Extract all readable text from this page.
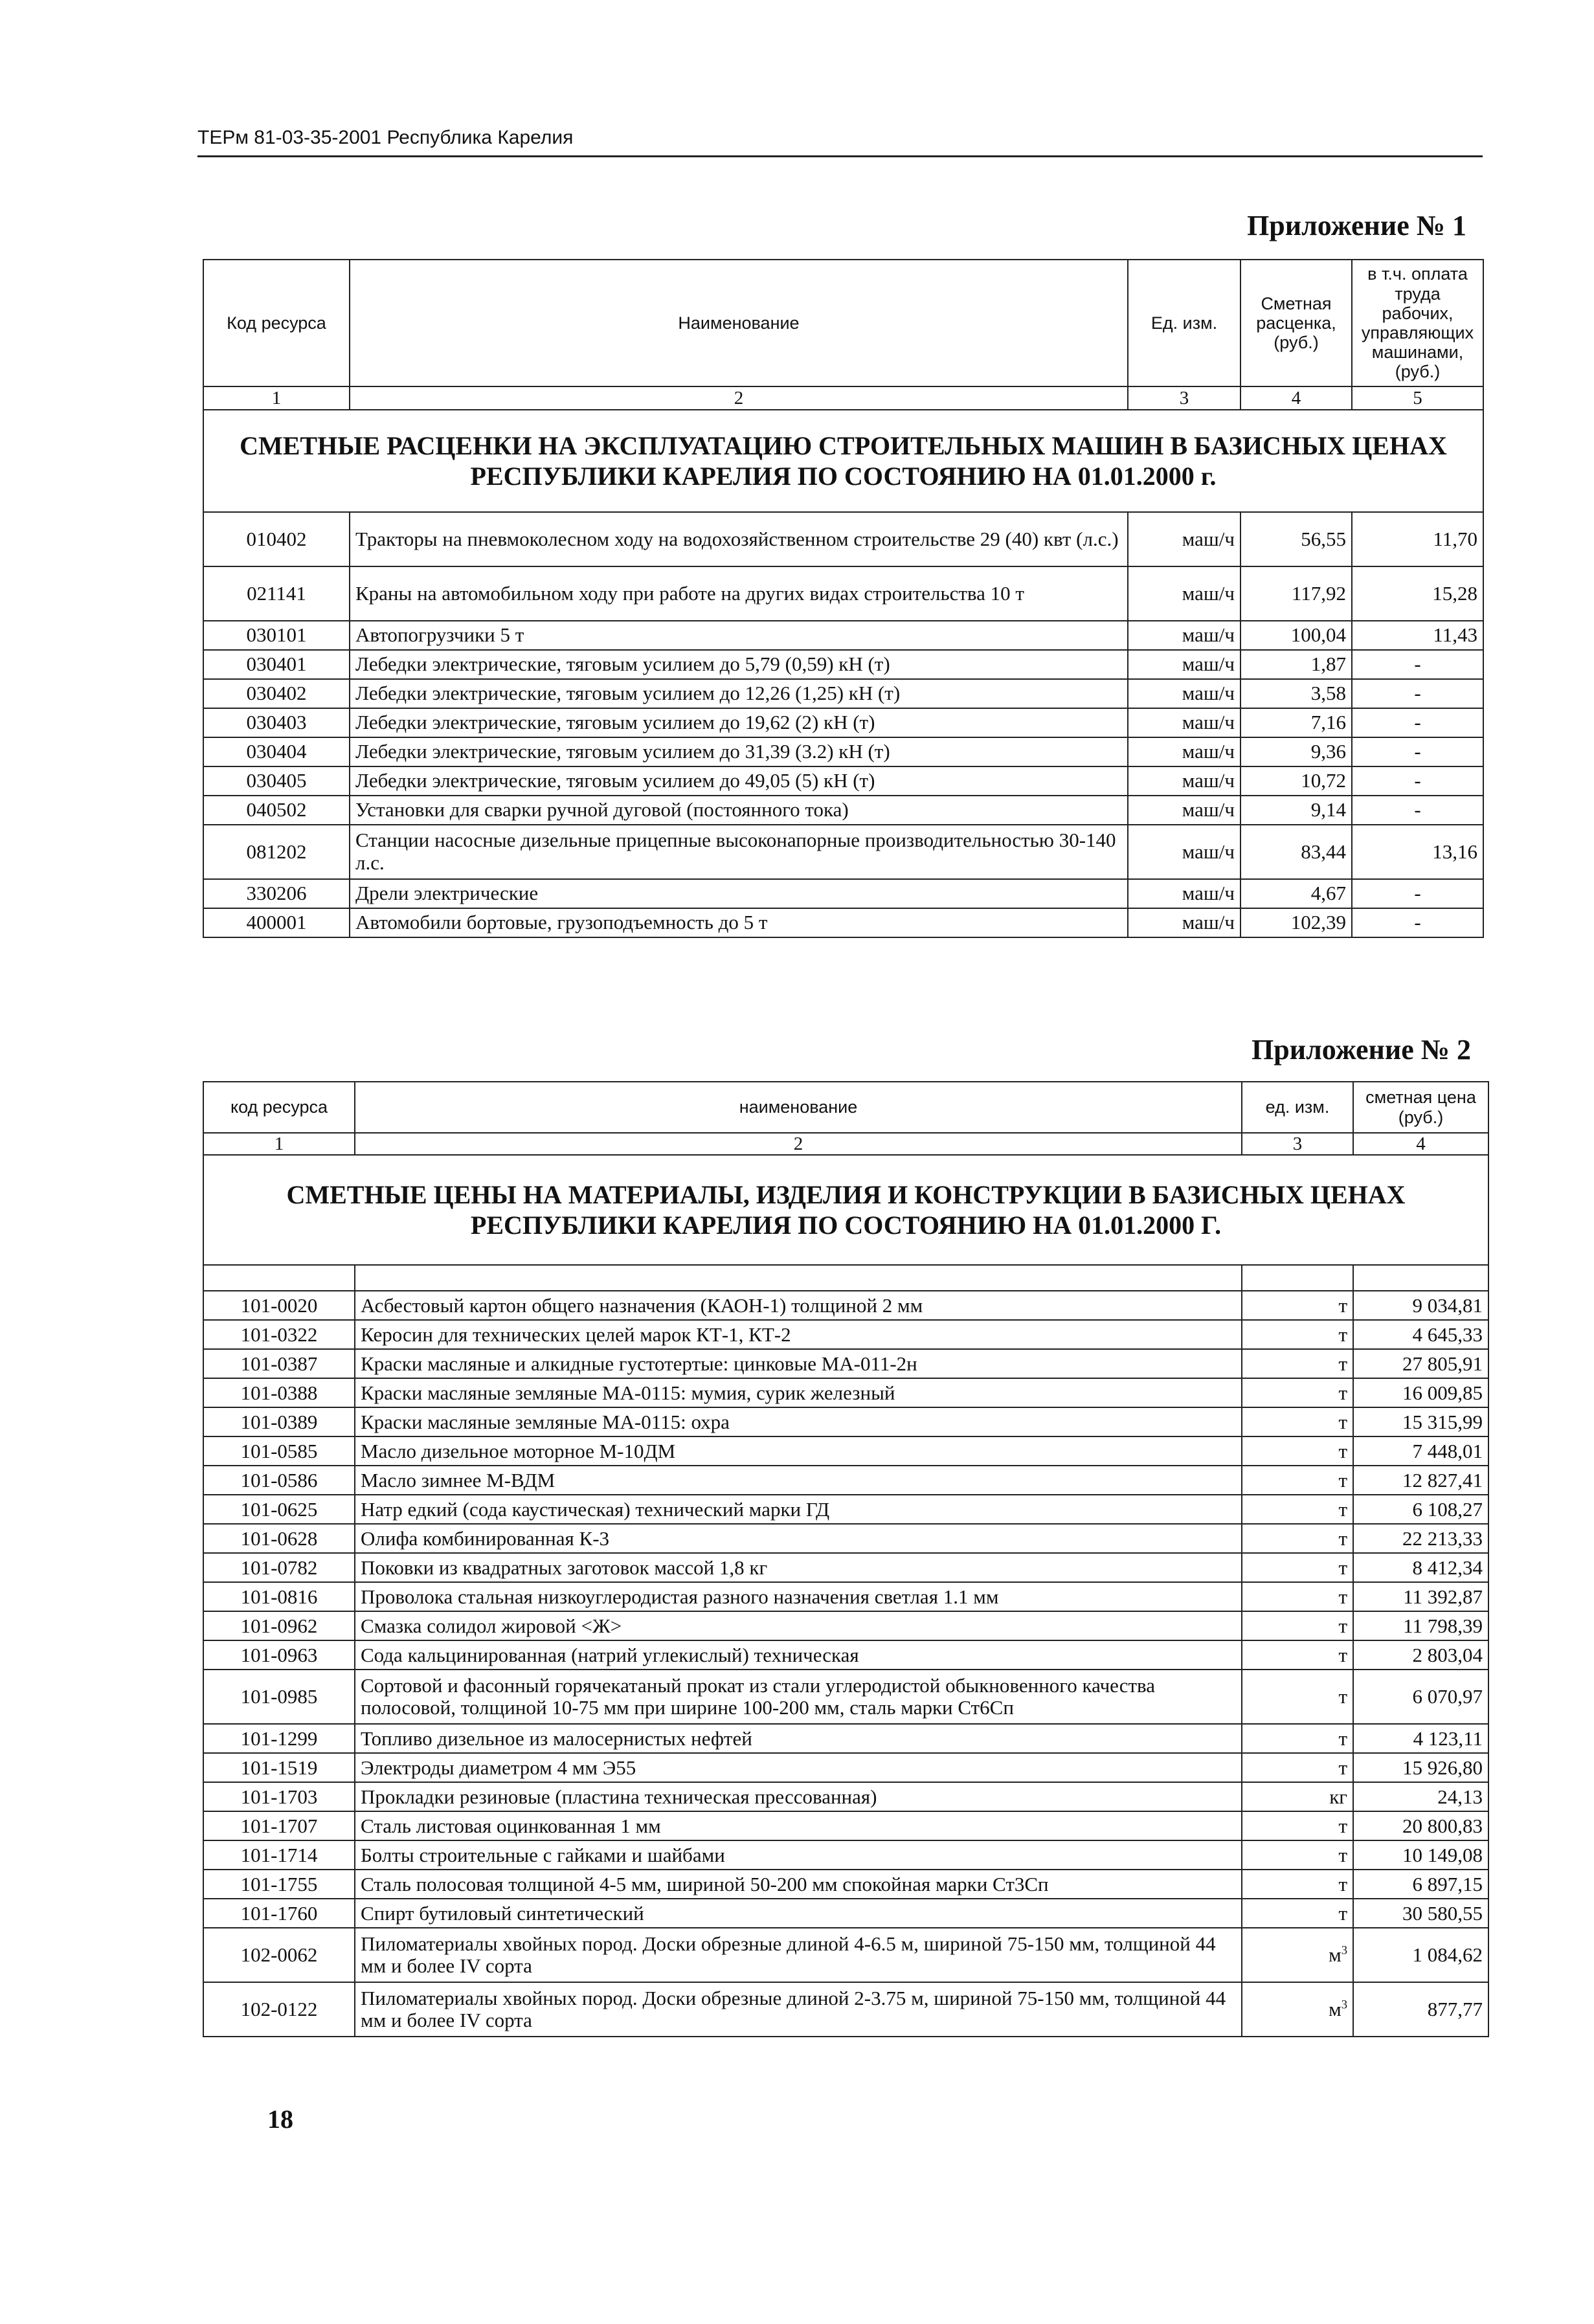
ТЕРм 81-03-35-2001 Республика Карелия
Приложение № 1
Код ресурса	Наименование	Ед. изм.	Сметная расценка, (руб.)	в т.ч. оплата труда рабочих, управляющих машинами, (руб.)
1	2	3	4	5
СМЕТНЫЕ РАСЦЕНКИ НА ЭКСПЛУАТАЦИЮ СТРОИТЕЛЬНЫХ МАШИН В БАЗИСНЫХ ЦЕНАХ РЕСПУБЛИКИ КАРЕЛИЯ ПО СОСТОЯНИЮ НА 01.01.2000 г.				
010402	Тракторы на пневмоколесном ходу на водохозяйственном строительстве 29 (40) квт (л.с.)	маш/ч	56,55	11,70
021141	Краны на автомобильном ходу при работе на других видах строительства 10 т	маш/ч	117,92	15,28
030101	Автопогрузчики 5 т	маш/ч	100,04	11,43
030401	Лебедки электрические, тяговым усилием до 5,79 (0,59) кН (т)	маш/ч	1,87	-
030402	Лебедки электрические, тяговым усилием до 12,26 (1,25) кН (т)	маш/ч	3,58	-
030403	Лебедки электрические, тяговым усилием до 19,62 (2) кН (т)	маш/ч	7,16	-
030404	Лебедки электрические, тяговым усилием до 31,39 (3.2) кН (т)	маш/ч	9,36	-
030405	Лебедки электрические, тяговым усилием до 49,05 (5) кН (т)	маш/ч	10,72	-
040502	Установки для сварки ручной дуговой (постоянного тока)	маш/ч	9,14	-
081202	Станции насосные дизельные прицепные высоконапорные производительностью 30-140 л.с.	маш/ч	83,44	13,16
330206	Дрели электрические	маш/ч	4,67	-
400001	Автомобили бортовые, грузоподъемность до 5 т	маш/ч	102,39	-
Приложение № 2
код ресурса	наименование	ед. изм.	сметная цена (руб.)
1	2	3	4
СМЕТНЫЕ ЦЕНЫ НА МАТЕРИАЛЫ, ИЗДЕЛИЯ И КОНСТРУКЦИИ В БАЗИСНЫХ ЦЕНАХ РЕСПУБЛИКИ КАРЕЛИЯ ПО СОСТОЯНИЮ НА 01.01.2000 Г.			

101-0020	Асбестовый картон общего назначения (КАОН-1) толщиной 2 мм	т	9 034,81
101-0322	Керосин для технических целей марок КТ-1, КТ-2	т	4 645,33
101-0387	Краски масляные и алкидные густотертые: цинковые МА-011-2н	т	27 805,91
101-0388	Краски масляные земляные МА-0115: мумия, сурик железный	т	16 009,85
101-0389	Краски масляные земляные МА-0115: охра	т	15 315,99
101-0585	Масло дизельное моторное М-10ДМ	т	7 448,01
101-0586	Масло зимнее М-ВДМ	т	12 827,41
101-0625	Натр едкий (сода каустическая) технический марки ГД	т	6 108,27
101-0628	Олифа комбинированная К-3	т	22 213,33
101-0782	Поковки из квадратных заготовок массой 1,8 кг	т	8 412,34
101-0816	Проволока стальная низкоуглеродистая разного назначения светлая 1.1 мм	т	11 392,87
101-0962	Смазка солидол жировой <Ж>	т	11 798,39
101-0963	Сода кальцинированная (натрий углекислый) техническая	т	2 803,04
101-0985	Сортовой и фасонный горячекатаный прокат из стали углеродистой обыкновенного качества полосовой, толщиной 10-75 мм при ширине 100-200 мм, сталь марки Ст6Сп	т	6 070,97
101-1299	Топливо дизельное из малосернистых нефтей	т	4 123,11
101-1519	Электроды диаметром 4 мм Э55	т	15 926,80
101-1703	Прокладки резиновые (пластина техническая прессованная)	кг	24,13
101-1707	Сталь листовая оцинкованная 1 мм	т	20 800,83
101-1714	Болты строительные с гайками и шайбами	т	10 149,08
101-1755	Сталь полосовая толщиной 4-5 мм, шириной 50-200 мм спокойная марки Ст3Сп	т	6 897,15
101-1760	Спирт бутиловый синтетический	т	30 580,55
102-0062	Пиломатериалы хвойных пород. Доски обрезные длиной 4-6.5 м, шириной 75-150 мм, толщиной 44 мм и более IV сорта	$м^3$	1 084,62
102-0122	Пиломатериалы хвойных пород. Доски обрезные длиной 2-3.75 м, шириной 75-150 мм, толщиной 44 мм и более IV сорта	$м^3$	877,77
18
